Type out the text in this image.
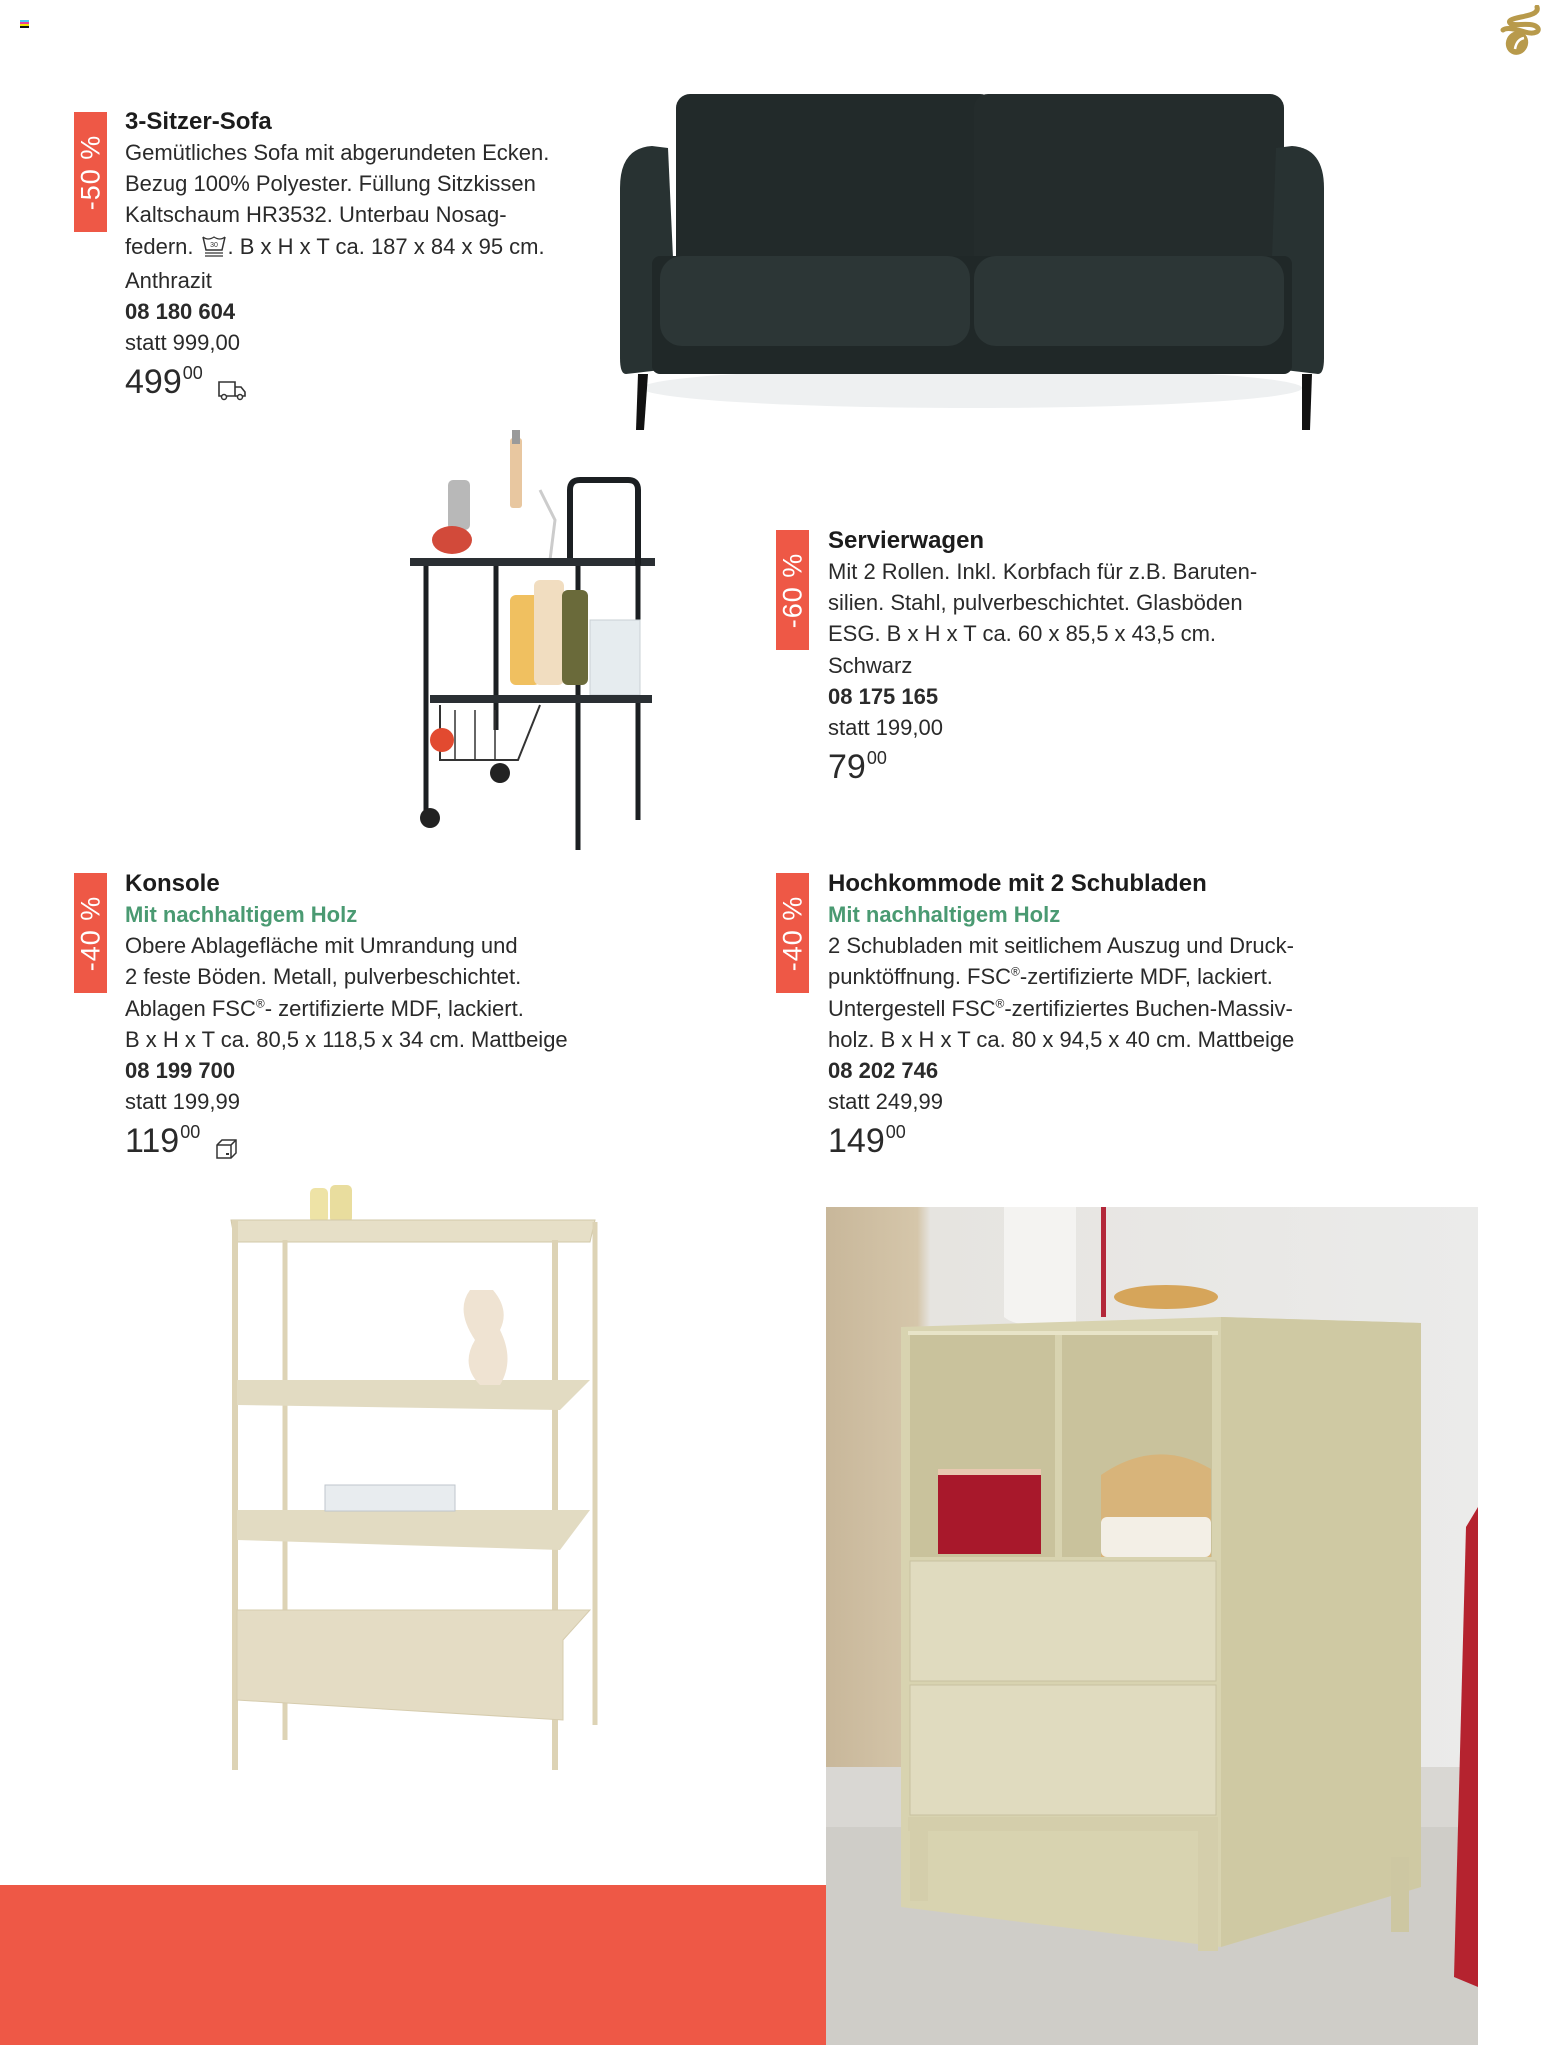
-50 %
3-Sitzer-Sofa
Gemütliches Sofa mit abgerundeten Ecken.
Bezug 100% Polyester. Füllung Sitzkissen
Kaltschaum HR3532. Unterbau Nosag-
federn. 30 . B x H x T ca. 187 x 84 x 95 cm.
Anthrazit
08 180 604
statt 999,00
$499^{00}$
-60 %
Servierwagen
Mit 2 Rollen. Inkl. Korbfach für z.B. Baruten-
silien. Stahl, pulverbeschichtet. Glasböden
ESG. B x H x T ca. 60 x 85,5 x 43,5 cm.
Schwarz
08 175 165
statt 199,00
$79^{00}$
-40 %
Konsole
Mit nachhaltigem Holz
Obere Ablagefläche mit Umrandung und
2 feste Böden. Metall, pulverbeschichtet.
Ablagen FSC®- zertifizierte MDF, lackiert.
B x H x T ca. 80,5 x 118,5 x 34 cm. Mattbeige
08 199 700
statt 199,99
$119^{00}$
-40 %
Hochkommode mit 2 Schubladen
Mit nachhaltigem Holz
2 Schubladen mit seitlichem Auszug und Druck-
punktöffnung. FSC®-zertifizierte MDF, lackiert.
Untergestell FSC®-zertifiziertes Buchen-Massiv-
holz. B x H x T ca. 80 x 94,5 x 40 cm. Mattbeige
08 202 746
statt 249,99
$149^{00}$
